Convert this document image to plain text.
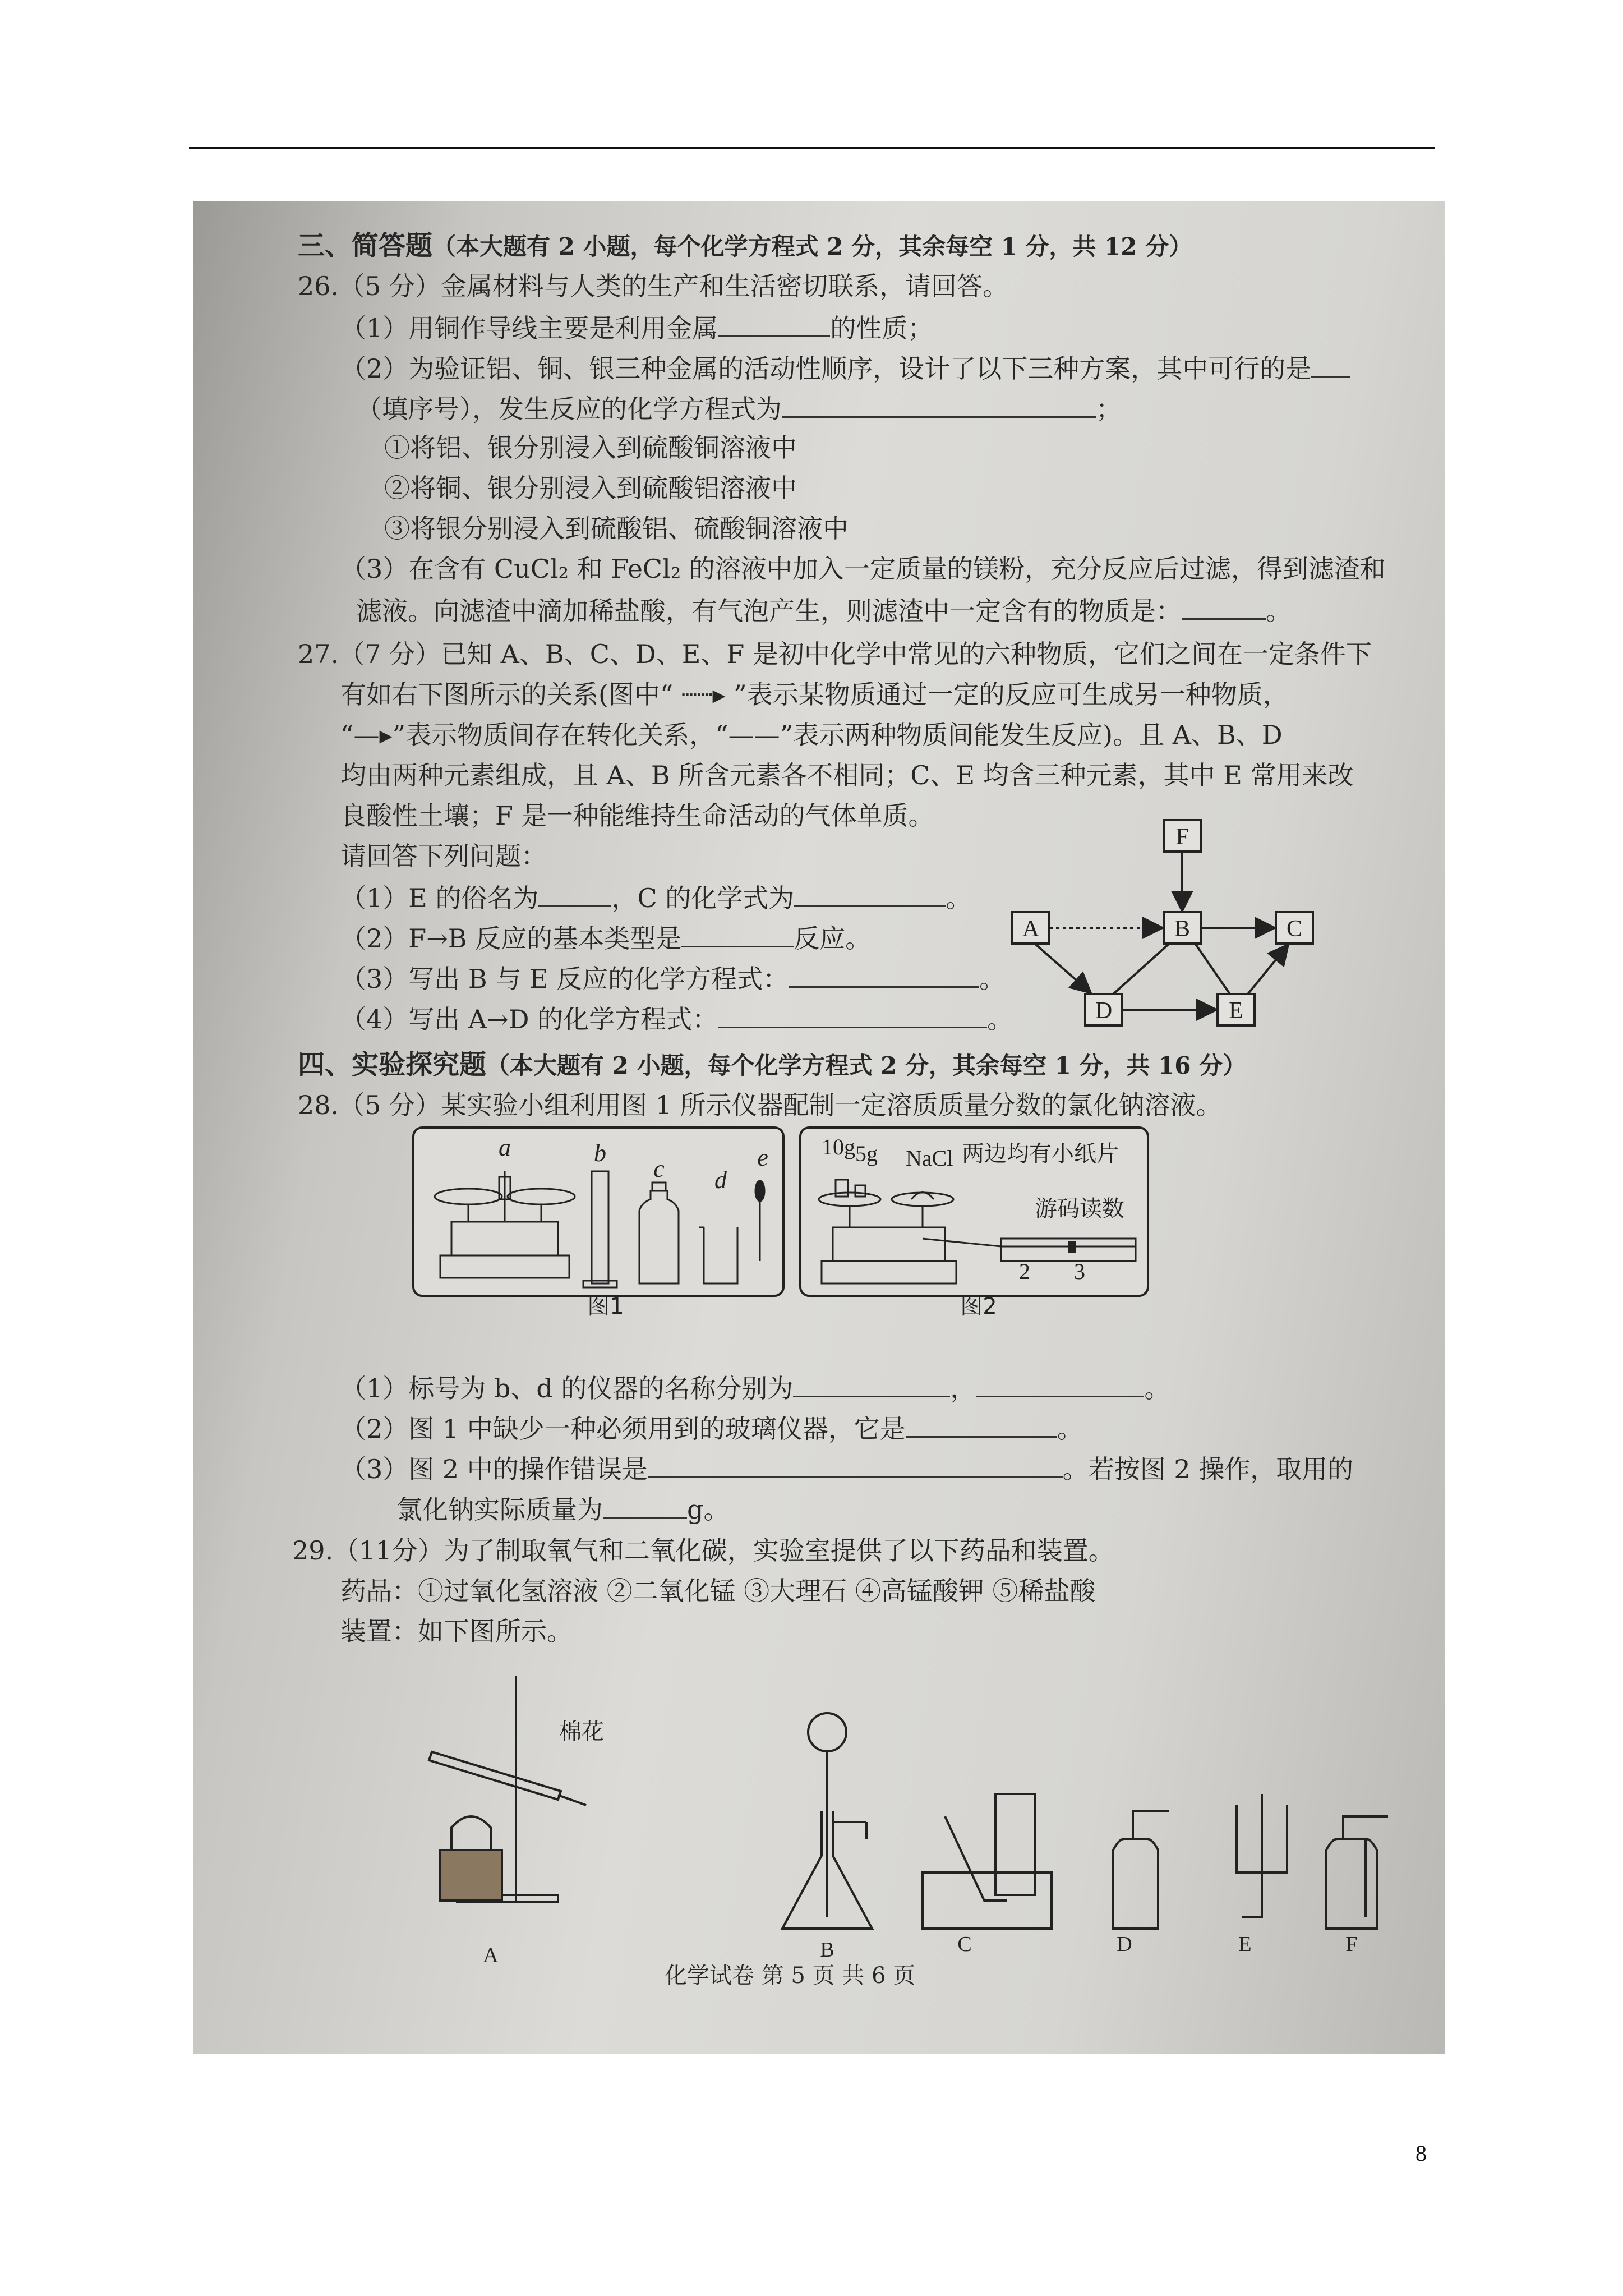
三、简答题（本大题有 2 小题，每个化学方程式 2 分，其余每空 1 分，共 12 分）
26.（5 分）金属材料与人类的生产和生活密切联系，请回答。
（1）用铜作导线主要是利用金属	的性质；
（2）为验证铝、铜、银三种金属的活动性顺序，设计了以下三种方案，其中可行的是
（填序号），发生反应的化学方程式为	；
①将铝、银分别浸入到硫酸铜溶液中
②将铜、银分别浸入到硫酸铝溶液中
③将银分别浸入到硫酸铝、硫酸铜溶液中
（3）在含有 CuCl₂ 和 FeCl₂ 的溶液中加入一定质量的镁粉，充分反应后过滤，得到滤渣和
滤液。向滤渣中滴加稀盐酸，有气泡产生，则滤渣中一定含有的物质是：	。
27.（7 分）已知 A、B、C、D、E、F 是初中化学中常见的六种物质，它们之间在一定条件下
有如右下图所示的关系(图中“ ┈┈▸ ”表示某物质通过一定的反应可生成另一种物质，
“—▸”表示物质间存在转化关系，“——”表示两种物质间能发生反应)。且 A、B、D
均由两种元素组成，且 A、B 所含元素各不相同；C、E 均含三种元素，其中 E 常用来改
良酸性土壤；F 是一种能维持生命活动的气体单质。
请回答下列问题：
（1）E 的俗名为	，C 的化学式为	。
（2）F→B 反应的基本类型是	反应。
（3）写出 B 与 E 反应的化学方程式：	。
（4）写出 A→D 的化学方程式：	。
F
A	B	C
D	E
四、实验探究题（本大题有 2 小题，每个化学方程式 2 分，其余每空 1 分，共 16 分）
28.（5 分）某实验小组利用图 1 所示仪器配制一定溶质质量分数的氯化钠溶液。
a	b
c d
e
图1
10g 5g NaCl 两边均有小纸片
游码读数
2 3
图2
（1）标号为 b、d 的仪器的名称分别为	，	。
（2）图 1 中缺少一种必须用到的玻璃仪器，它是	。
（3）图 2 中的操作错误是	。若按图 2 操作，取用的
氯化钠实际质量为	g。
29.（11分）为了制取氧气和二氧化碳，实验室提供了以下药品和装置。
药品：①过氧化氢溶液 ②二氧化锰 ③大理石 ④高锰酸钾 ⑤稀盐酸
装置：如下图所示。
棉花
A	B	C	D	E	F
化学试卷 第 5 页 共 6 页
8
